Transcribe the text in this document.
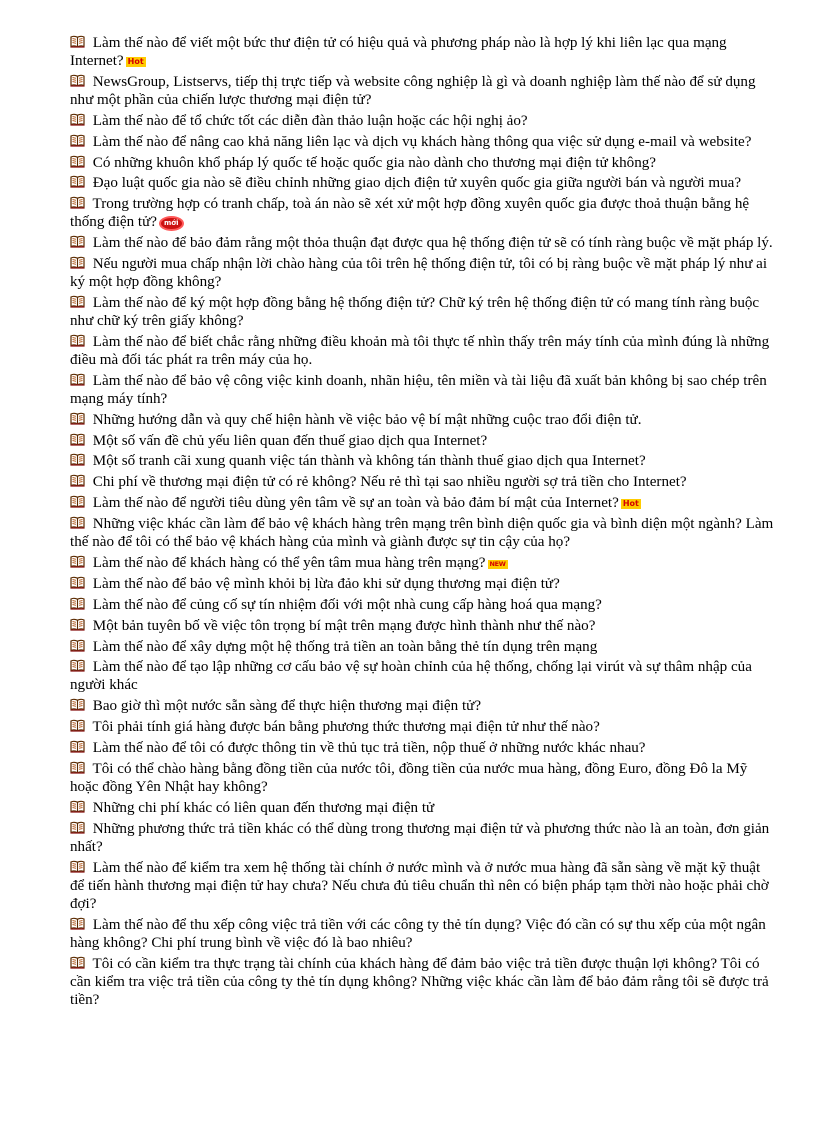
Làm thế nào để viết một bức thư điện tử có hiệu quả và phương pháp nào là hợp lý khi liên lạc qua mạng Internet? Hot
NewsGroup, Listservs, tiếp thị trực tiếp và website công nghiệp là gì và doanh nghiệp làm thế nào để sử dụng như một phần của chiến lược thương mại điện tử?
Làm thế nào để tổ chức tốt các diễn đàn thảo luận hoặc các hội nghị ảo?
Làm thế nào để nâng cao khả năng liên lạc và dịch vụ khách hàng thông qua việc sử dụng e-mail và website?
Có những khuôn khổ pháp lý quốc tế hoặc quốc gia nào dành cho thương mại điện tử không?
Đạo luật quốc gia nào sẽ điều chỉnh những giao dịch điện tử xuyên quốc gia giữa người bán và người mua?
Trong trường hợp có tranh chấp, toà án nào sẽ xét xử một hợp đồng xuyên quốc gia được thoả thuận bằng hệ thống điện tử? mới
Làm thế nào để bảo đảm rằng một thỏa thuận đạt được qua hệ thống điện tử sẽ có tính ràng buộc về mặt pháp lý.
Nếu người mua chấp nhận lời chào hàng của tôi trên hệ thống điện tử, tôi có bị ràng buộc về mặt pháp lý như ai ký một hợp đồng không?
Làm thế nào để ký một hợp đồng bằng hệ thống điện tử? Chữ ký trên hệ thống điện tử có mang tính ràng buộc như chữ ký trên giấy không?
Làm thế nào để biết chắc rằng những điều khoản mà tôi thực tế nhìn thấy trên máy tính của mình đúng là những điều mà đối tác phát ra trên máy của họ.
Làm thế nào để bảo vệ công việc kinh doanh, nhãn hiệu, tên miền và tài liệu đã xuất bản không bị sao chép trên mạng máy tính?
Những hướng dẫn và quy chế hiện hành về việc bảo vệ bí mật những cuộc trao đổi điện tử.
Một số vấn đề chủ yếu liên quan đến thuế giao dịch qua Internet?
Một số tranh cãi xung quanh việc tán thành và không tán thành thuế giao dịch qua Internet?
Chi phí về thương mại điện tử có rẻ không? Nếu rẻ thì tại sao nhiều người sợ trả tiền cho Internet?
Làm thế nào để người tiêu dùng yên tâm về sự an toàn và bảo đảm bí mật của Internet? Hot
Những việc khác cần làm để bảo vệ khách hàng trên mạng trên bình diện quốc gia và bình diện một ngành? Làm thế nào để tôi có thể bảo vệ khách hàng của mình và giành được sự tin cậy của họ?
Làm thế nào để khách hàng có thể yên tâm mua hàng trên mạng? NEW
Làm thế nào để bảo vệ mình khỏi bị lừa đảo khi sử dụng thương mại điện tử?
Làm thế nào để củng cố sự tín nhiệm đối với một nhà cung cấp hàng hoá qua mạng?
Một bản tuyên bố về việc tôn trọng bí mật trên mạng được hình thành như thế nào?
Làm thế nào để xây dựng một hệ thống trả tiền an toàn bằng thẻ tín dụng trên mạng
Làm thế nào để tạo lập những cơ cấu bảo vệ sự hoàn chỉnh của hệ thống, chống lại virút và sự thâm nhập của người khác
Bao giờ thì một nước sẵn sàng để thực hiện thương mại điện tử?
Tôi phải tính giá hàng được bán bằng phương thức thương mại điện tử như thế nào?
Làm thế nào để tôi có được thông tin về thủ tục trả tiền, nộp thuế ở những nước khác nhau?
Tôi có thể chào hàng bằng đồng tiền của nước tôi, đồng tiền của nước mua hàng, đồng Euro, đồng Đô la Mỹ hoặc đồng Yên Nhật hay không?
Những chi phí khác có liên quan đến thương mại điện tử
Những phương thức trả tiền khác có thể dùng trong thương mại điện tử và phương thức nào là an toàn, đơn giản nhất?
Làm thế nào để kiểm tra xem hệ thống tài chính ở nước mình và ở nước mua hàng đã sẵn sàng về mặt kỹ thuật để tiến hành thương mại điện tử hay chưa? Nếu chưa đủ tiêu chuẩn thì nên có biện pháp tạm thời nào hoặc phải chờ đợi?
Làm thế nào để thu xếp công việc trả tiền với các công ty thẻ tín dụng? Việc đó cần có sự thu xếp của một ngân hàng không? Chi phí trung bình về việc đó là bao nhiêu?
Tôi có cần kiểm tra thực trạng tài chính của khách hàng để đảm bảo việc trả tiền được thuận lợi không? Tôi có cần kiểm tra việc trả tiền của công ty thẻ tín dụng không? Những việc khác cần làm để bảo đảm rằng tôi sẽ được trả tiền?
